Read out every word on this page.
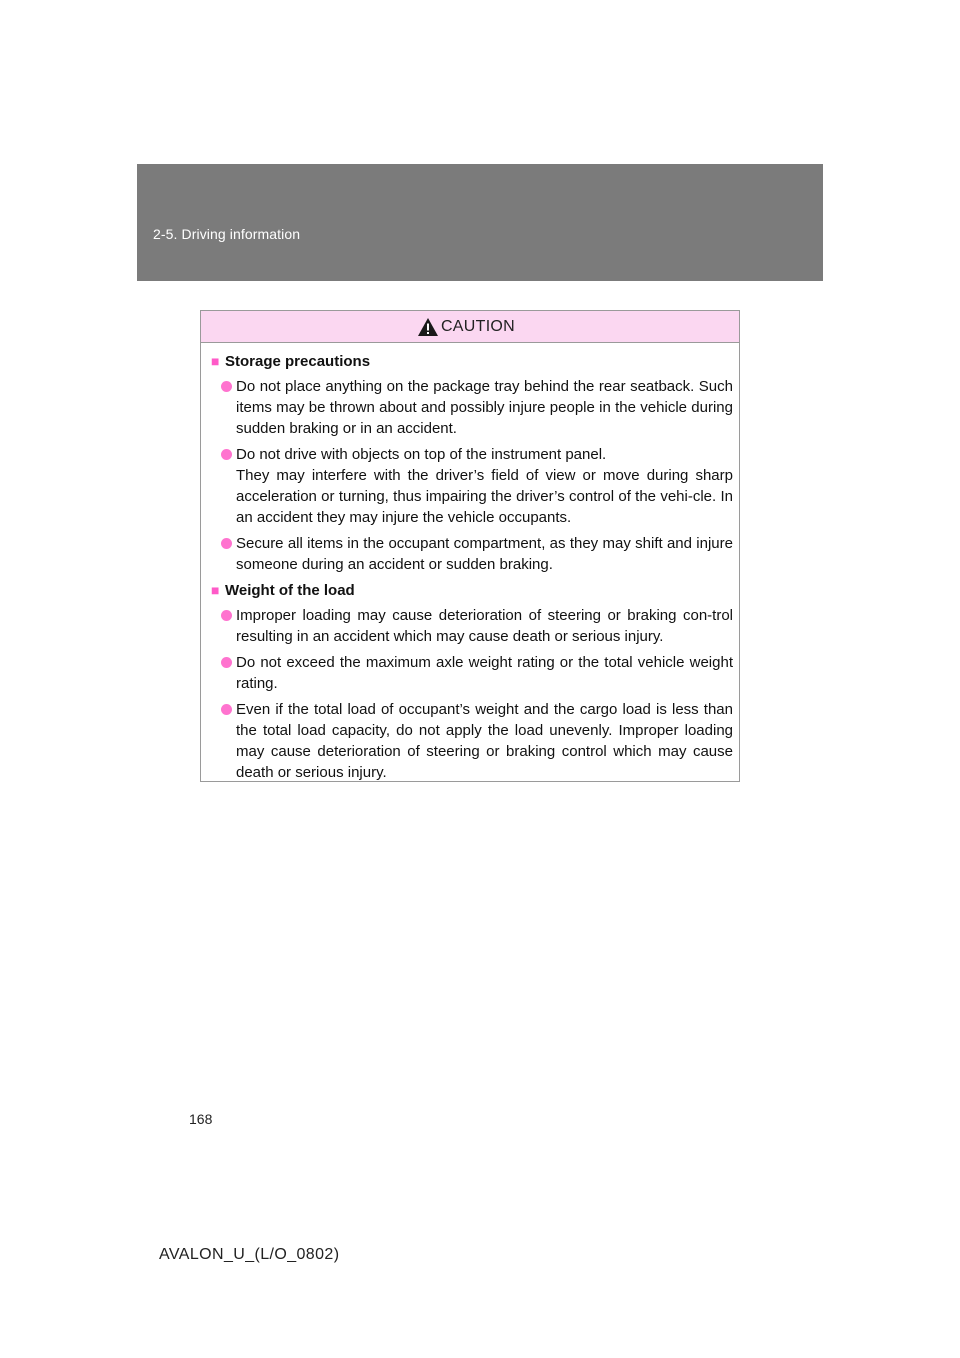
2-5. Driving information
CAUTION
■ Storage precautions
Do not place anything on the package tray behind the rear seatback. Such items may be thrown about and possibly injure people in the vehicle during sudden braking or in an accident.
Do not drive with objects on top of the instrument panel.
They may interfere with the driver’s field of view or move during sharp acceleration or turning, thus impairing the driver’s control of the vehi-cle. In an accident they may injure the vehicle occupants.
Secure all items in the occupant compartment, as they may shift and injure someone during an accident or sudden braking.
■ Weight of the load
Improper loading may cause deterioration of steering or braking con-trol resulting in an accident which may cause death or serious injury.
Do not exceed the maximum axle weight rating or the total vehicle weight rating.
Even if the total load of occupant’s weight and the cargo load is less than the total load capacity, do not apply the load unevenly. Improper loading may cause deterioration of steering or braking control which may cause death or serious injury.
168
AVALON_U_(L/O_0802)
